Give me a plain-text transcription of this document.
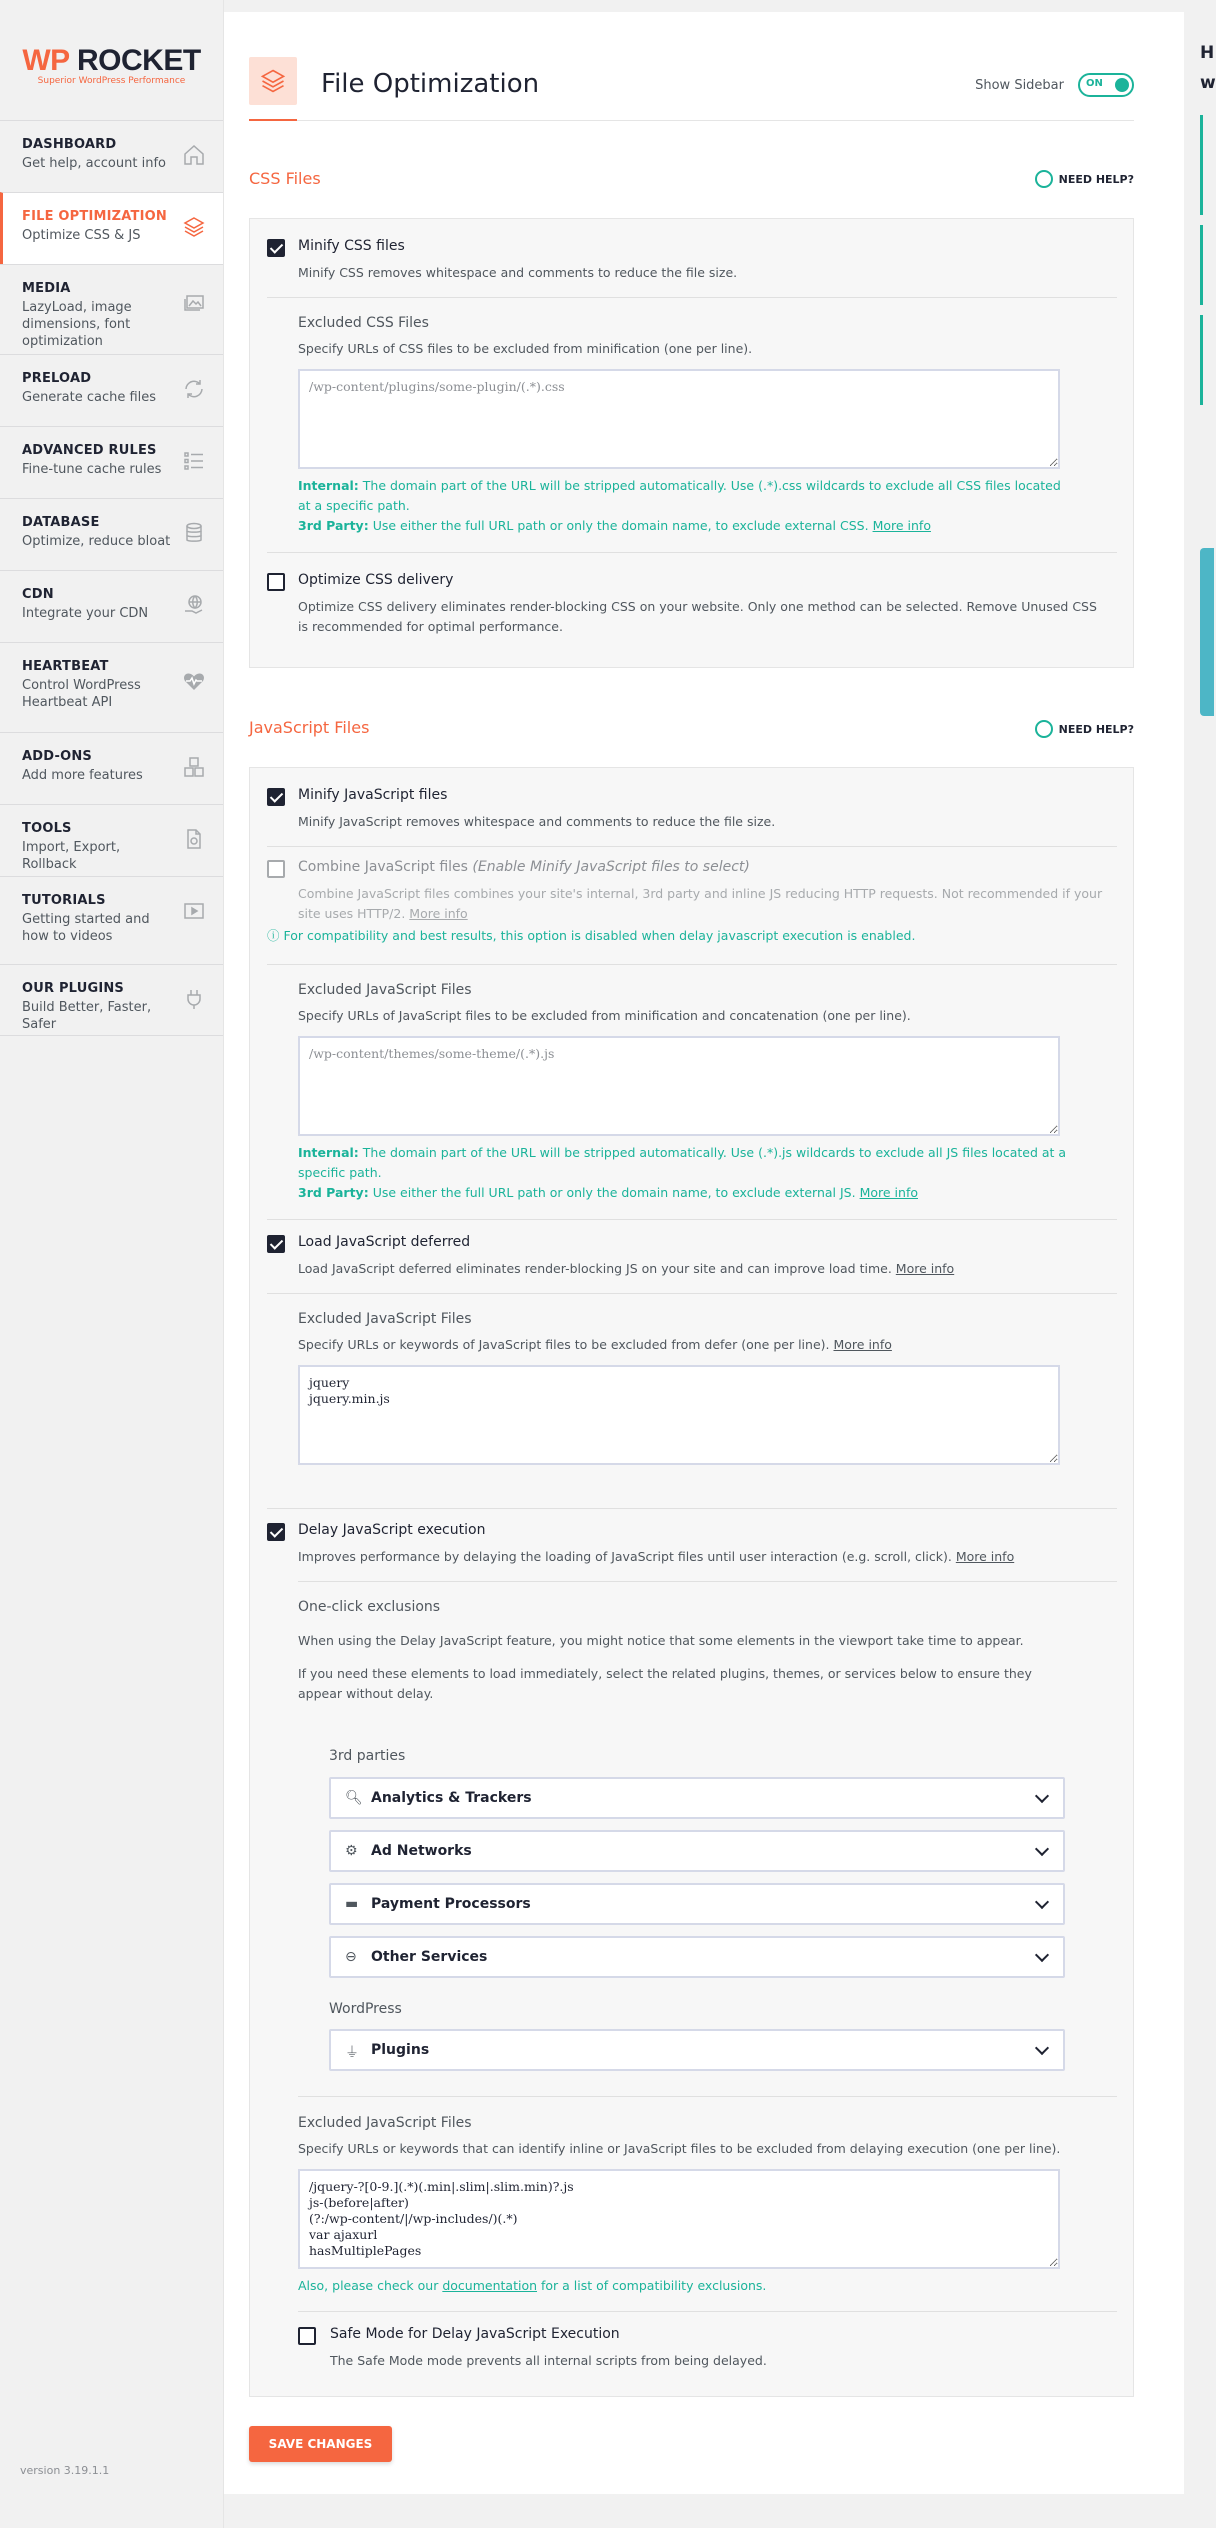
WP ROCKET
Superior WordPress Performance
DASHBOARD
Get help, account info
FILE OPTIMIZATION
Optimize CSS & JS
MEDIA
LazyLoad, image dimensions, font optimization
PRELOAD
Generate cache files
ADVANCED RULES
Fine-tune cache rules
DATABASE
Optimize, reduce bloat
CDN
Integrate your CDN
HEARTBEAT
Control WordPress Heartbeat API
ADD-ONS
Add more features
TOOLS
Import, Export, Rollback
TUTORIALS
Getting started and how to videos
OUR PLUGINS
Build Better, Faster, Safer
version 3.19.1.1
File Optimization	Show Sidebar ON
CSS Files	NEED HELP?
Minify CSS files
Minify CSS removes whitespace and comments to reduce the file size.
Excluded CSS Files
Specify URLs of CSS files to be excluded from minification (one per line).
/wp-content/plugins/some-plugin/(.*).css
Internal: The domain part of the URL will be stripped automatically. Use (.*).css wildcards to exclude all CSS files located at a specific path.
3rd Party: Use either the full URL path or only the domain name, to exclude external CSS. More info
Optimize CSS delivery
Optimize CSS delivery eliminates render-blocking CSS on your website. Only one method can be selected. Remove Unused CSS is recommended for optimal performance.
JavaScript Files	NEED HELP?
Minify JavaScript files
Minify JavaScript removes whitespace and comments to reduce the file size.
Combine JavaScript files (Enable Minify JavaScript files to select)
Combine JavaScript files combines your site's internal, 3rd party and inline JS reducing HTTP requests. Not recommended if your site uses HTTP/2. More info
ⓘ For compatibility and best results, this option is disabled when delay javascript execution is enabled.
Excluded JavaScript Files
Specify URLs of JavaScript files to be excluded from minification and concatenation (one per line).
/wp-content/themes/some-theme/(.*).js
Internal: The domain part of the URL will be stripped automatically. Use (.*).js wildcards to exclude all JS files located at a specific path.
3rd Party: Use either the full URL path or only the domain name, to exclude external JS. More info
Load JavaScript deferred
Load JavaScript deferred eliminates render-blocking JS on your site and can improve load time. More info
Excluded JavaScript Files
Specify URLs or keywords of JavaScript files to be excluded from defer (one per line). More info
jquery jquery.min.js
Delay JavaScript execution
Improves performance by delaying the loading of JavaScript files until user interaction (e.g. scroll, click). More info
One-click exclusions
When using the Delay JavaScript feature, you might notice that some elements in the viewport take time to appear.
If you need these elements to load immediately, select the related plugins, themes, or services below to ensure they appear without delay.
3rd parties
🔍︎ Analytics & Trackers
⚙︎ Ad Networks
▬ Payment Processors
⊖ Other Services
WordPress
⏚ Plugins
Excluded JavaScript Files
Specify URLs or keywords that can identify inline or JavaScript files to be excluded from delaying execution (one per line).
/jquery-?[0-9.](.*)(.min|.slim|.slim.min)?.js js-(before|after) (?:/wp-content/|/wp-includes/)(.*) var ajaxurl hasMultiplePages
Also, please check our documentation for a list of compatibility exclusions.
Safe Mode for Delay JavaScript Execution
The Safe Mode mode prevents all internal scripts from being delayed.
SAVE CHANGES
H
w
